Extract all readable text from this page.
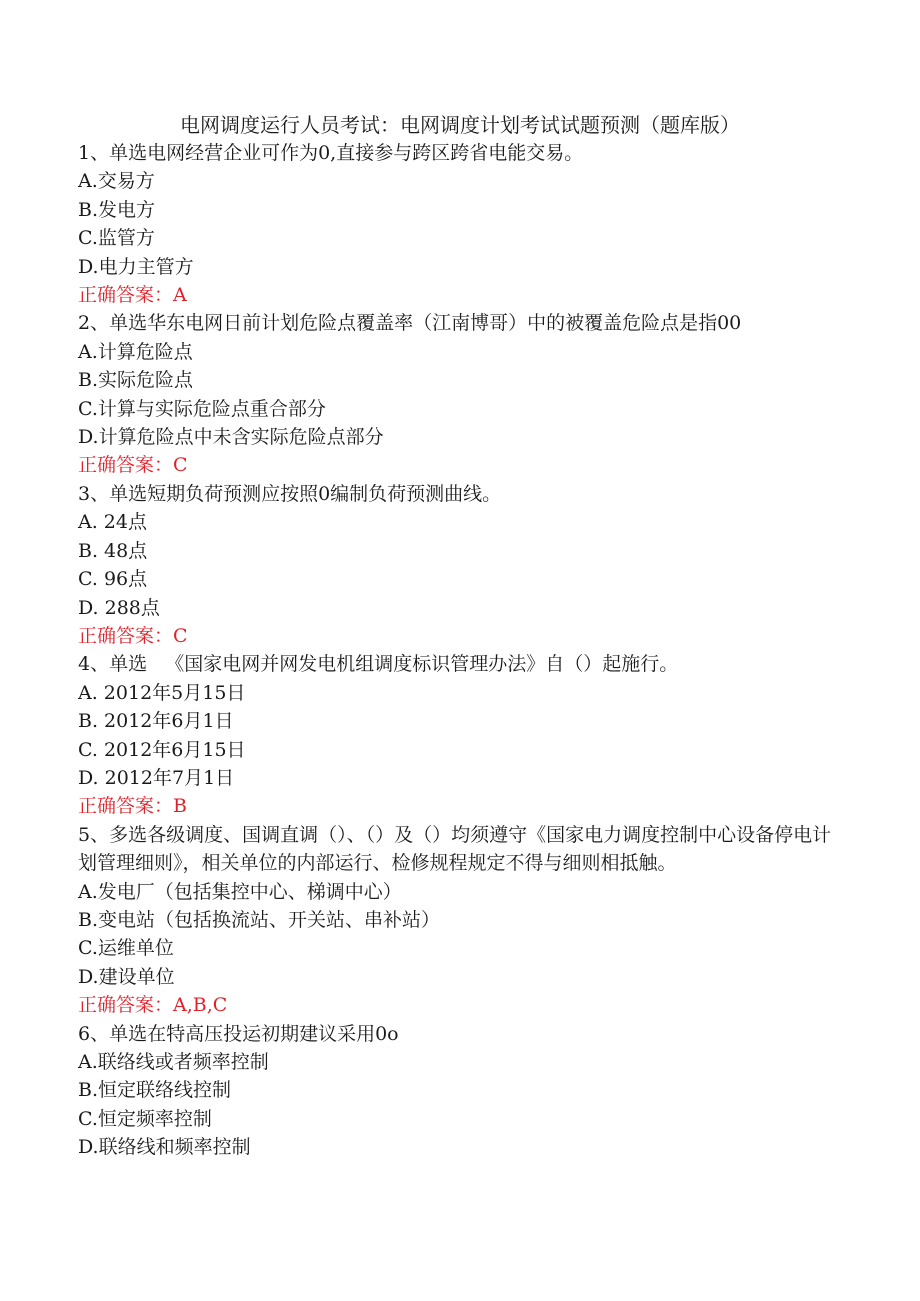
电网调度运行人员考试：电网调度计划考试试题预测（题库版）
1、单选电网经营企业可作为0,直接参与跨区跨省电能交易。
A.交易方
B.发电方
C.监管方
D.电力主管方
正确答案：A
2、单选华东电网日前计划危险点覆盖率（江南博哥）中的被覆盖危险点是指00
A.计算危险点
B.实际危险点
C.计算与实际危险点重合部分
D.计算危险点中未含实际危险点部分
正确答案：C
3、单选短期负荷预测应按照0编制负荷预测曲线。
A. 24点
B. 48点
C. 96点
D. 288点
正确答案：C
4、单选   《国家电网并网发电机组调度标识管理办法》自（）起施行。
A. 2012年5月15日
B. 2012年6月1日
C. 2012年6月15日
D. 2012年7月1日
正确答案：B
5、多选各级调度、国调直调（）、（）及（）均须遵守《国家电力调度控制中心设备停电计划管理细则》，相关单位的内部运行、检修规程规定不得与细则相抵触。
A.发电厂（包括集控中心、梯调中心）
B.变电站（包括换流站、开关站、串补站）
C.运维单位
D.建设单位
正确答案：A,B,C
6、单选在特高压投运初期建议采用0o
A.联络线或者频率控制
B.恒定联络线控制
C.恒定频率控制
D.联络线和频率控制
